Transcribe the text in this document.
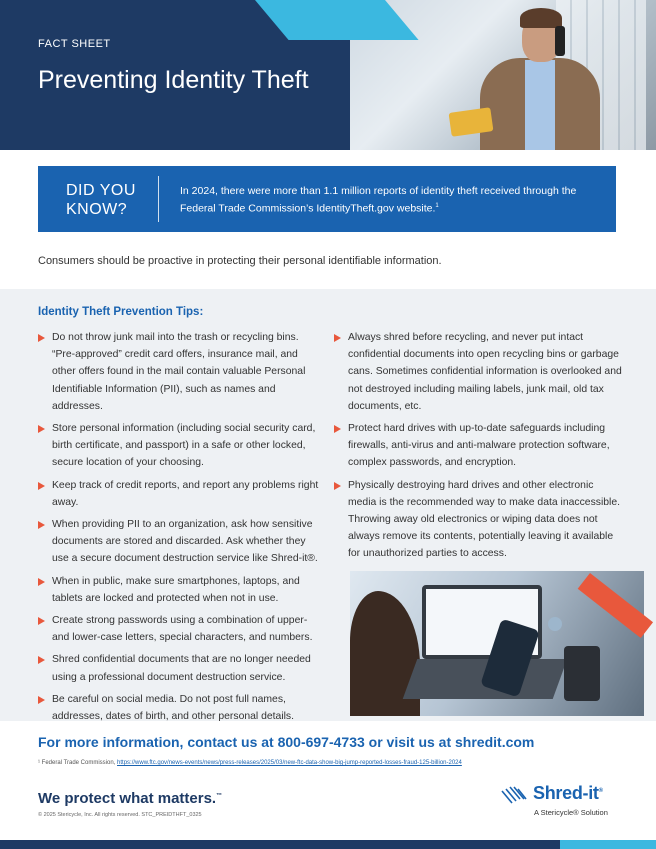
FACT SHEET
Preventing Identity Theft
DID YOU
KNOW?
In 2024, there were more than 1.1 million reports of identity theft received through the Federal Trade Commission’s IdentityTheft.gov website.$^1$

Consumers should be proactive in protecting their personal identifiable information.

Identity Theft Prevention Tips:
Do not throw junk mail into the trash or recycling bins. “Pre-approved” credit card offers, insurance mail, and other offers found in the mail contain valuable Personal Identifiable Information (PII), such as names and addresses.
Store personal information (including social security card, birth certificate, and passport) in a safe or other locked, secure location of your choosing.
Keep track of credit reports, and report any problems right away.
When providing PII to an organization, ask how sensitive documents are stored and discarded. Ask whether they use a secure document destruction service like Shred-it®.
When in public, make sure smartphones, laptops, and tablets are locked and protected when not in use.
Create strong passwords using a combination of upper-and lower-case letters, special characters, and numbers.
Shred confidential documents that are no longer needed using a professional document destruction service.
Be careful on social media. Do not post full names, addresses, dates of birth, and other personal details.
Always shred before recycling, and never put intact confidential documents into open recycling bins or garbage cans. Sometimes confidential information is overlooked and not destroyed including mailing labels, junk mail, old tax documents, etc.
Protect hard drives with up-to-date safeguards including firewalls, anti-virus and anti-malware protection software, complex passwords, and encryption.
Physically destroying hard drives and other electronic media is the recommended way to make data inaccessible. Throwing away old electronics or wiping data does not always remove its contents, potentially leaving it available for unauthorized parties to access.
For more information, contact us at 800-697-4733 or visit us at shredit.com
¹ Federal Trade Commission, https://www.ftc.gov/news-events/news/press-releases/2025/03/new-ftc-data-show-big-jump-reported-losses-fraud-125-billion-2024
We protect what matters.™
© 2025 Stericycle, Inc. All rights reserved. STC_PREIDTHFT_0325
Shred-it®
A Stericycle® Solution
